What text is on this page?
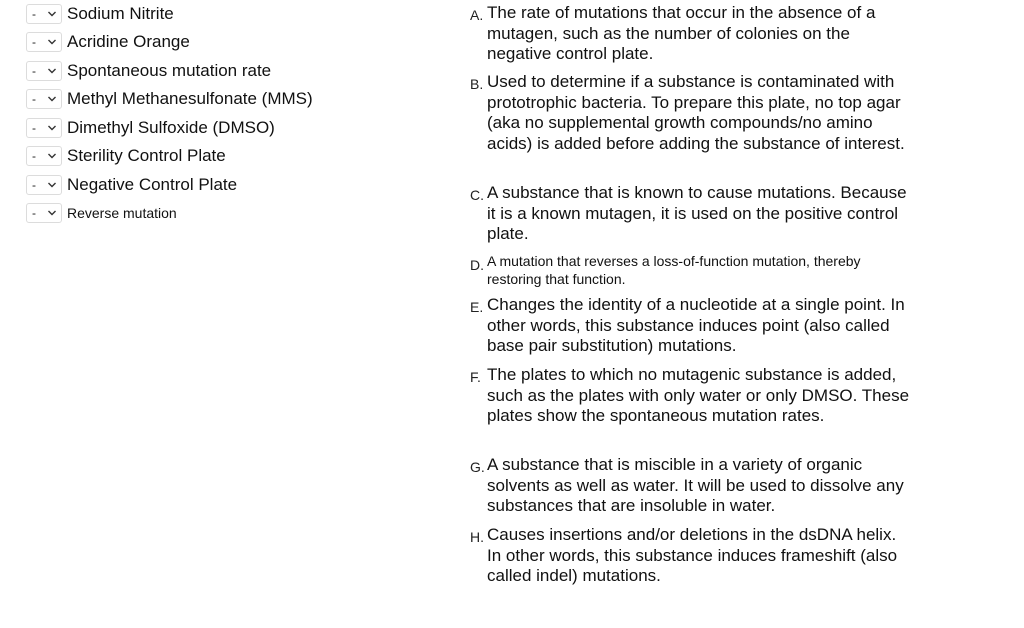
- Sodium Nitrite
- Acridine Orange
- Spontaneous mutation rate
- Methyl Methanesulfonate (MMS)
- Dimethyl Sulfoxide (DMSO)
- Sterility Control Plate
- Negative Control Plate
- Reverse mutation
A. The rate of mutations that occur in the absence of a mutagen, such as the number of colonies on the negative control plate.
B. Used to determine if a substance is contaminated with prototrophic bacteria. To prepare this plate, no top agar (aka no supplemental growth compounds/no amino acids) is added before adding the substance of interest.
C. A substance that is known to cause mutations. Because it is a known mutagen, it is used on the positive control plate.
D. A mutation that reverses a loss-of-function mutation, thereby restoring that function.
E. Changes the identity of a nucleotide at a single point. In other words, this substance induces point (also called base pair substitution) mutations.
F. The plates to which no mutagenic substance is added, such as the plates with only water or only DMSO. These plates show the spontaneous mutation rates.
G. A substance that is miscible in a variety of organic solvents as well as water. It will be used to dissolve any substances that are insoluble in water.
H. Causes insertions and/or deletions in the dsDNA helix. In other words, this substance induces frameshift (also called indel) mutations.
